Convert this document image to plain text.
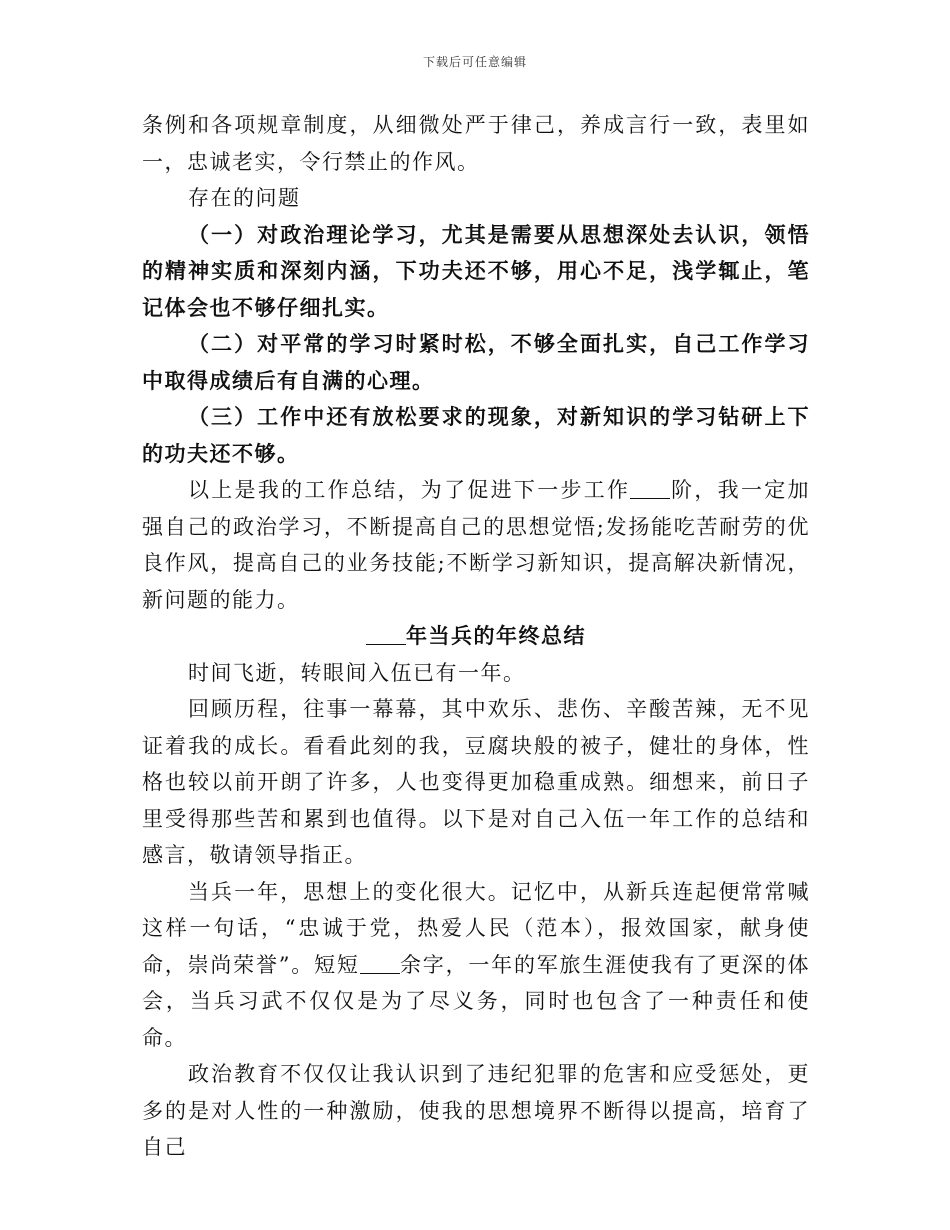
下载后可任意编辑

条例和各项规章制度，从细微处严于律己，养成言行一致，表里如一，忠诚老实，令行禁止的作风。

存在的问题

（一）对政治理论学习，尤其是需要从思想深处去认识，领悟的精神实质和深刻内涵，下功夫还不够，用心不足，浅学辄止，笔记体会也不够仔细扎实。

（二）对平常的学习时紧时松，不够全面扎实，自己工作学习中取得成绩后有自满的心理。

（三）工作中还有放松要求的现象，对新知识的学习钻研上下的功夫还不够。

以上是我的工作总结，为了促进下一步工作 阶，我一定加强自己的政治学习，不断提高自己的思想觉悟;发扬能吃苦耐劳的优良作风，提高自己的业务技能;不断学习新知识，提高解决新情况，新问题的能力。

年当兵的年终总结

时间飞逝，转眼间入伍已有一年。

回顾历程，往事一幕幕，其中欢乐、悲伤、辛酸苦辣，无不见证着我的成长。看看此刻的我，豆腐块般的被子，健壮的身体，性格也较以前开朗了许多，人也变得更加稳重成熟。细想来，前日子里受得那些苦和累到也值得。以下是对自己入伍一年工作的总结和感言，敬请领导指正。

当兵一年，思想上的变化很大。记忆中，从新兵连起便常常喊这样一句话，“忠诚于党，热爱人民（范本），报效国家，献身使命，崇尚荣誉”。短短 余字，一年的军旅生涯使我有了更深的体会，当兵习武不仅仅是为了尽义务，同时也包含了一种责任和使命。

政治教育不仅仅让我认识到了违纪犯罪的危害和应受惩处，更多的是对人性的一种激励，使我的思想境界不断得以提高，培育了自己
